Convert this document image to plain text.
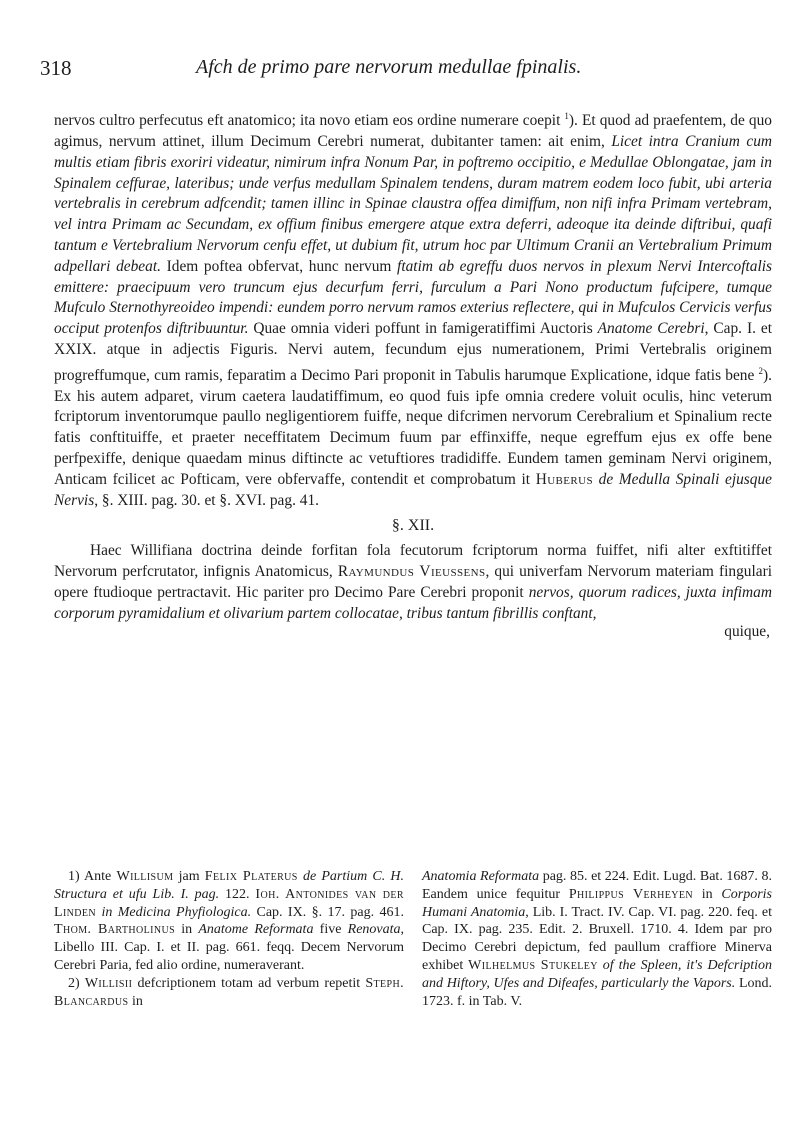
318	Afch de primo pare nervorum medullae fpinalis.

nervos cultro perfecutus eft anatomico; ita novo etiam eos ordine numerare coepit $^1$). Et quod ad praefentem, de quo agimus, nervum attinet, illum Decimum Cerebri numerat, dubitanter tamen: ait enim, Licet intra Cranium cum multis etiam fibris exoriri videatur, nimirum infra Nonum Par, in poftremo occipitio, e Medullae Oblongatae, jam in Spinalem ceffurae, lateribus; unde verfus medullam Spinalem tendens, duram matrem eodem loco fubit, ubi arteria vertebralis in cerebrum adfcendit; tamen illinc in Spinae claustra offea dimiffum, non nifi infra Primam vertebram, vel intra Primam ac Secundam, ex offium finibus emergere atque extra deferri, adeoque ita deinde diftribui, quafi tantum e Vertebralium Nervorum cenfu effet, ut dubium fit, utrum hoc par Ultimum Cranii an Vertebralium Primum adpellari debeat. Idem poftea obfervat, hunc nervum ftatim ab egreffu duos nervos in plexum Nervi Intercoftalis emittere: praecipuum vero truncum ejus decurfum ferri, furculum a Pari Nono productum fufcipere, tumque Mufculo Sternothyreoideo impendi: eundem porro nervum ramos exterius reflectere, qui in Mufculos Cervicis verfus occiput protenfos diftribuuntur. Quae omnia videri poffunt in famigeratiffimi Auctoris Anatome Cerebri, Cap. I. et XXIX. atque in adjectis Figuris. Nervi autem, fecundum ejus numerationem, Primi Vertebralis originem progreffumque, cum ramis, feparatim a Decimo Pari proponit in Tabulis harumque Explicatione, idque fatis bene $^2$). Ex his autem adparet, virum caetera laudatiffimum, eo quod fuis ipfe omnia credere voluit oculis, hinc veterum fcriptorum inventorumque paullo negligentiorem fuiffe, neque difcrimen nervorum Cerebralium et Spinalium recte fatis conftituiffe, et praeter neceffitatem Decimum fuum par effinxiffe, neque egreffum ejus ex offe bene perfpexiffe, denique quaedam minus diftincte ac vetuftiores tradidiffe. Eundem tamen geminam Nervi originem, Anticam fcilicet ac Pofticam, vere obfervaffe, contendit et comprobatum it Huberus de Medulla Spinali ejusque Nervis, §. XIII. pag. 30. et §. XVI. pag. 41.

§. XII.

Haec Willifiana doctrina deinde forfitan fola fecutorum fcriptorum norma fuiffet, nifi alter exftitiffet Nervorum perfcrutator, infignis Anatomicus, Raymundus Vieussens, qui univerfam Nervorum materiam fingulari opere ftudioque pertractavit. Hic pariter pro Decimo Pare Cerebri proponit nervos, quorum radices, juxta infimam corporum pyramidalium et olivarium partem collocatae, tribus tantum fibrillis conftant,

quique,

1) Ante Willisum jam Felix Platerus de Partium C. H. Structura et ufu Lib. I. pag. 122. Ioh. Antonides van der Linden in Medicina Phyfiologica. Cap. IX. §. 17. pag. 461. Thom. Bartholinus in Anatome Reformata five Renovata, Libello III. Cap. I. et II. pag. 661. feqq. Decem Nervorum Cerebri Paria, fed alio ordine, numeraverant.

2) Willisii defcriptionem totam ad verbum repetit Steph. Blancardus in

Anatomia Reformata pag. 85. et 224. Edit. Lugd. Bat. 1687. 8. Eandem unice fequitur Philippus Verheyen in Corporis Humani Anatomia, Lib. I. Tract. IV. Cap. VI. pag. 220. feq. et Cap. IX. pag. 235. Edit. 2. Bruxell. 1710. 4. Idem par pro Decimo Cerebri depictum, fed paullum craffiore Minerva exhibet Wilhelmus Stukeley of the Spleen, it's Defcription and Hiftory, Ufes and Difeafes, particularly the Vapors. Lond. 1723. f. in Tab. V.
